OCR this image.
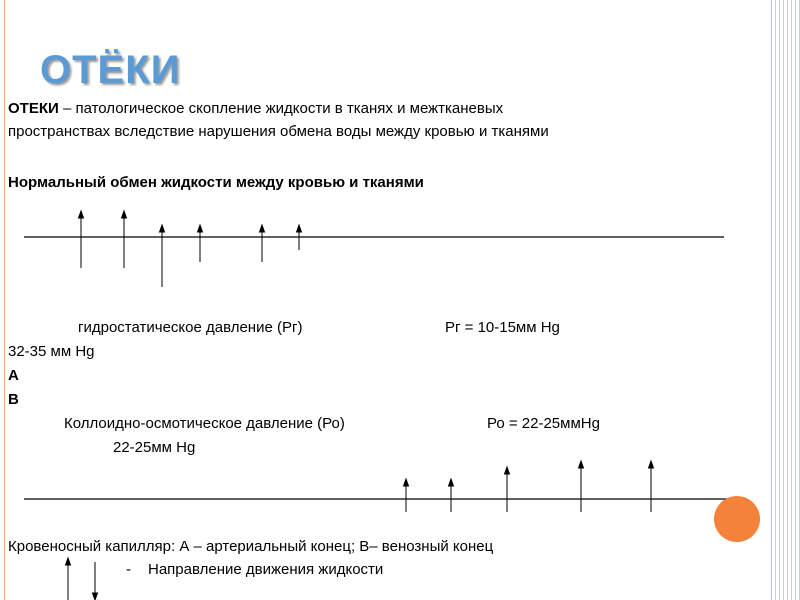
ОТЁКИ
ОТЕКИ – патологическое скопление жидкости в тканях и межтканевых
пространствах вследствие нарушения обмена воды между кровью и тканями
Нормальный обмен жидкости между кровью и тканями
гидростатическое давление (Рг)	Рг = 10-15мм Hg
32-35 мм Hg
А
В
Коллоидно-осмотическое давление (Ро)	Ро = 22-25ммHg
22-25мм Hg
Кровеносный капилляр: А – артериальный конец; В– венозный конец
- Направление движения жидкости
